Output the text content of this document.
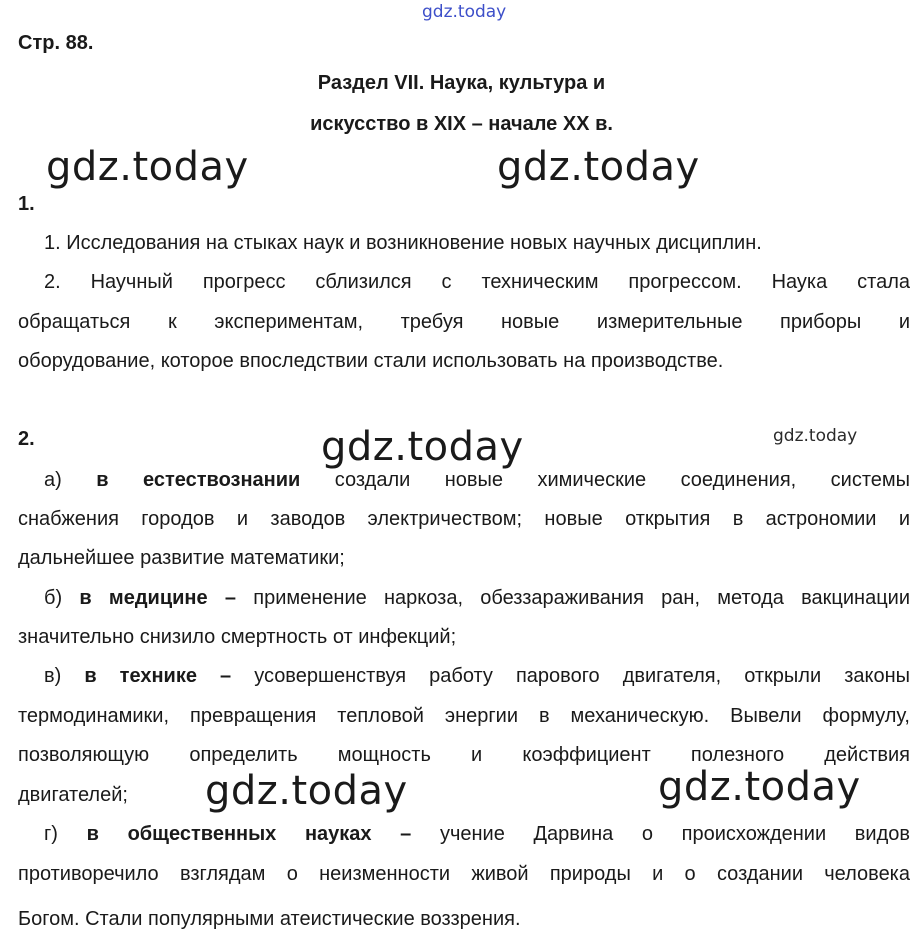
gdz.today
Стр. 88.
Раздел VII. Наука, культура и
искусство в XIX – начале XX в.
gdz.today	gdz.today
1.
1. Исследования на стыках наук и возникновение новых научных дисциплин.
2. Научный прогресс сблизился с техническим прогрессом. Наука стала
обращаться к экспериментам, требуя новые измерительные приборы и
оборудование, которое впоследствии стали использовать на производстве.
2.	gdz.today	gdz.today
а) в естествознании создали новые химические соединения, системы
снабжения городов и заводов электричеством; новые открытия в астрономии и
дальнейшее развитие математики;
б) в медицине – применение наркоза, обеззараживания ран, метода вакцинации
значительно снизило смертность от инфекций;
в) в технике – усовершенствуя работу парового двигателя, открыли законы
термодинамики, превращения тепловой энергии в механическую. Вывели формулу,
позволяющую определить мощность и коэффициент полезного действия
двигателей;	gdz.today	gdz.today
г) в общественных науках – учение Дарвина о происхождении видов
противоречило взглядам о неизменности живой природы и о создании человека
Богом. Стали популярными атеистические воззрения.
